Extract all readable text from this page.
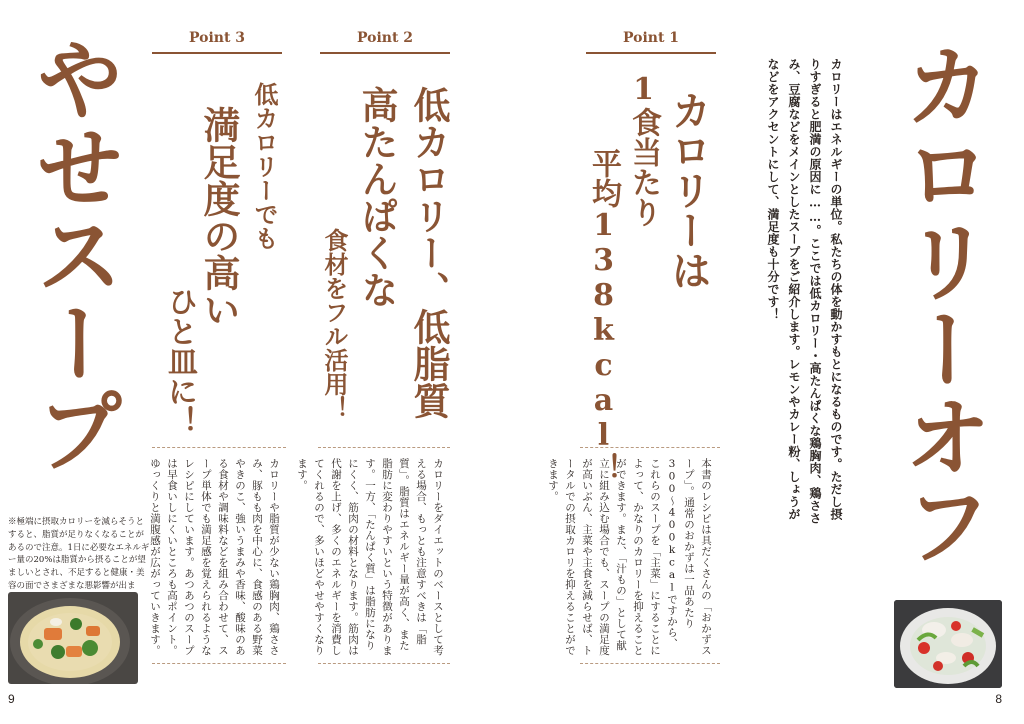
カロリーオフ
カロリーはエネルギーの単位。私たちの体を動かすもとになるものです。ただし摂りすぎると肥満の原因に……。ここでは低カロリー・高たんぱくな鶏胸肉、鶏ささみ、豆腐などをメインとしたスープをご紹介します。レモンやカレー粉、しょうがなどをアクセントにして、満足度も十分です！
8
Point 1
カロリーは
1食当たり
平均138kcal！
本書のレシピは具だくさんの「おかずスープ」。通常のおかずは一品あたり300〜400kcalですから、これらのスープを「主菜」にすることによって、かなりのカロリーを抑えることができます。また、「汁もの」として献立に組み込む場合でも、スープの満足度が高いぶん、主菜や主食を減らせば、トータルでの摂取カロリを抑えることができます。
Point 2
低カロリー、低脂質
高たんぱくな
食材をフル活用！
カロリーをダイエットのベースとして考える場合、もっとも注意すべきは「脂質」。脂質はエネルギー量が高く、また脂肪に変わりやすいという特徴があります。一方、「たんぱく質」は脂肪になりにくく、筋肉の材料となります。筋肉は代謝を上げ、多くのエネルギーを消費してくれるので、多いほどやせやすくなります。
Point 3
低カロリーでも
満足度の高い
ひと皿に！
カロリーや脂質が少ない鶏胸肉、鶏ささみ、豚もも肉を中心に、食感のある野菜やきのこ、強いうまみや香味、酸味のある食材や調味料などを組み合わせて、スープ単体でも満足感を覚えられるようなレシピにしています。あつあつのスープは早食いしにくいところも高ポイント。ゆっくりと満腹感が広がっていきます。
やせスープ
※極端に摂取カロリーを減らそうとすると、脂質が足りなくなることがあるので注意。1日に必要なエネルギー量の20%は脂質から摂ることが望ましいとされ、不足すると健康・美容の面でさまざまな悪影響が出ま
9
